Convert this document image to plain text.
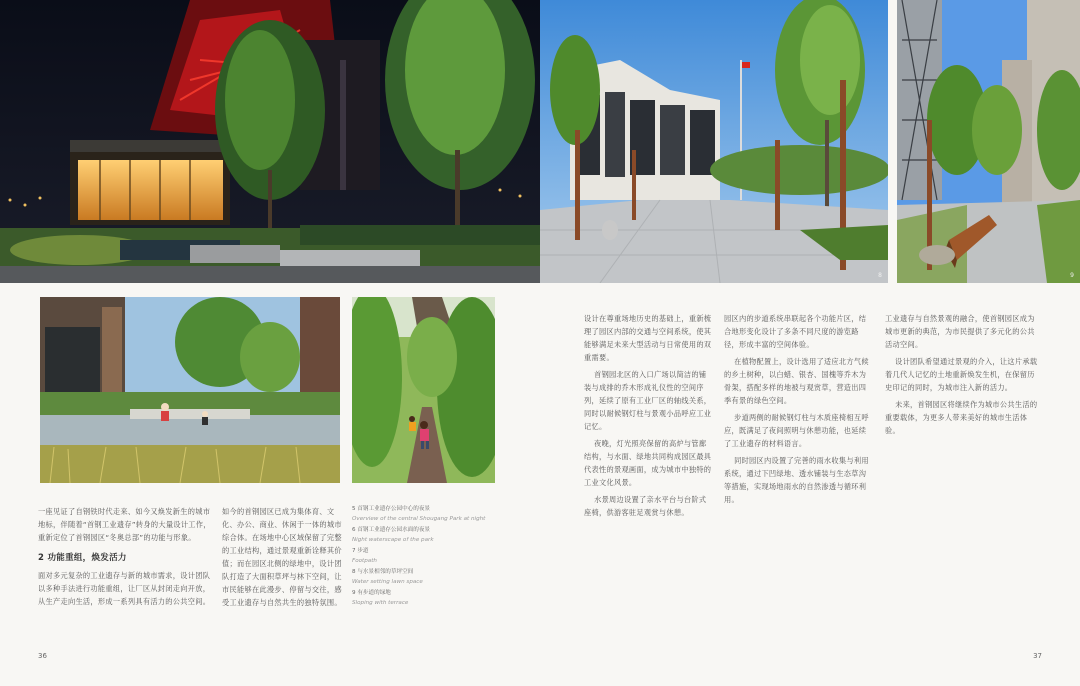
一座见证了自钢铁时代走来、如今又焕发新生的城市地标，伴随着“首钢工业遗存”转身的大量设计工作，重新定位了首钢园区“冬奥总部”的功能与形象。

2 功能重组，焕发活力

面对多元复杂的工业遗存与新的城市需求，设计团队以多种手法进行功能重组，让厂区从封闭走向开放，从生产走向生活，形成一系列具有活力的公共空间。

如今的首钢园区已成为集体育、文化、办公、商业、休闲于一体的城市综合体。在场地中心区域保留了完整的工业结构，通过景观重新诠释其价值；而在园区北侧的绿地中，设计团队打造了大面积草坪与林下空间，让市民能够在此漫步、停留与交往，感受工业遗存与自然共生的独特氛围。

5 首钢工业遗存公园中心的夜景
Overview of the central Shougang Park at night
6 首钢工业遗存公园水面的夜景
Night waterscape of the park
7 步道
Footpath
8 与水景相邻的草坪空间
Water setting lawn space
9 有步道的绿地
Sloping with terrace
36
8	9

设计在尊重场地历史的基础上，重新梳理了园区内部的交通与空间系统，使其能够满足未来大型活动与日常使用的双重需要。

首钢园北区的入口广场以简洁的铺装与成排的乔木形成礼仪性的空间序列，延续了原有工业厂区的轴线关系，同时以耐候钢灯柱与景观小品呼应工业记忆。

夜晚，灯光照亮保留的高炉与管廊结构，与水面、绿地共同构成园区最具代表性的景观画面，成为城市中独特的工业文化风景。

水景周边设置了亲水平台与台阶式座椅，供游客驻足观赏与休憩。

园区内的步道系统串联起各个功能片区，结合地形变化设计了多条不同尺度的游览路径，形成丰富的空间体验。

在植物配置上，设计选用了适应北方气候的乡土树种，以白蜡、银杏、国槐等乔木为骨架，搭配多样的地被与观赏草，营造出四季有景的绿色空间。

步道两侧的耐候钢灯柱与木质座椅相互呼应，既满足了夜间照明与休憩功能，也延续了工业遗存的材料语言。

同时园区内设置了完善的雨水收集与利用系统，通过下凹绿地、透水铺装与生态草沟等措施，实现场地雨水的自然渗透与循环利用。

工业遗存与自然景观的融合，使首钢园区成为城市更新的典范，为市民提供了多元化的公共活动空间。

设计团队希望通过景观的介入，让这片承载着几代人记忆的土地重新焕发生机，在保留历史印记的同时，为城市注入新的活力。

未来，首钢园区将继续作为城市公共生活的重要载体，为更多人带来美好的城市生活体验。

37
